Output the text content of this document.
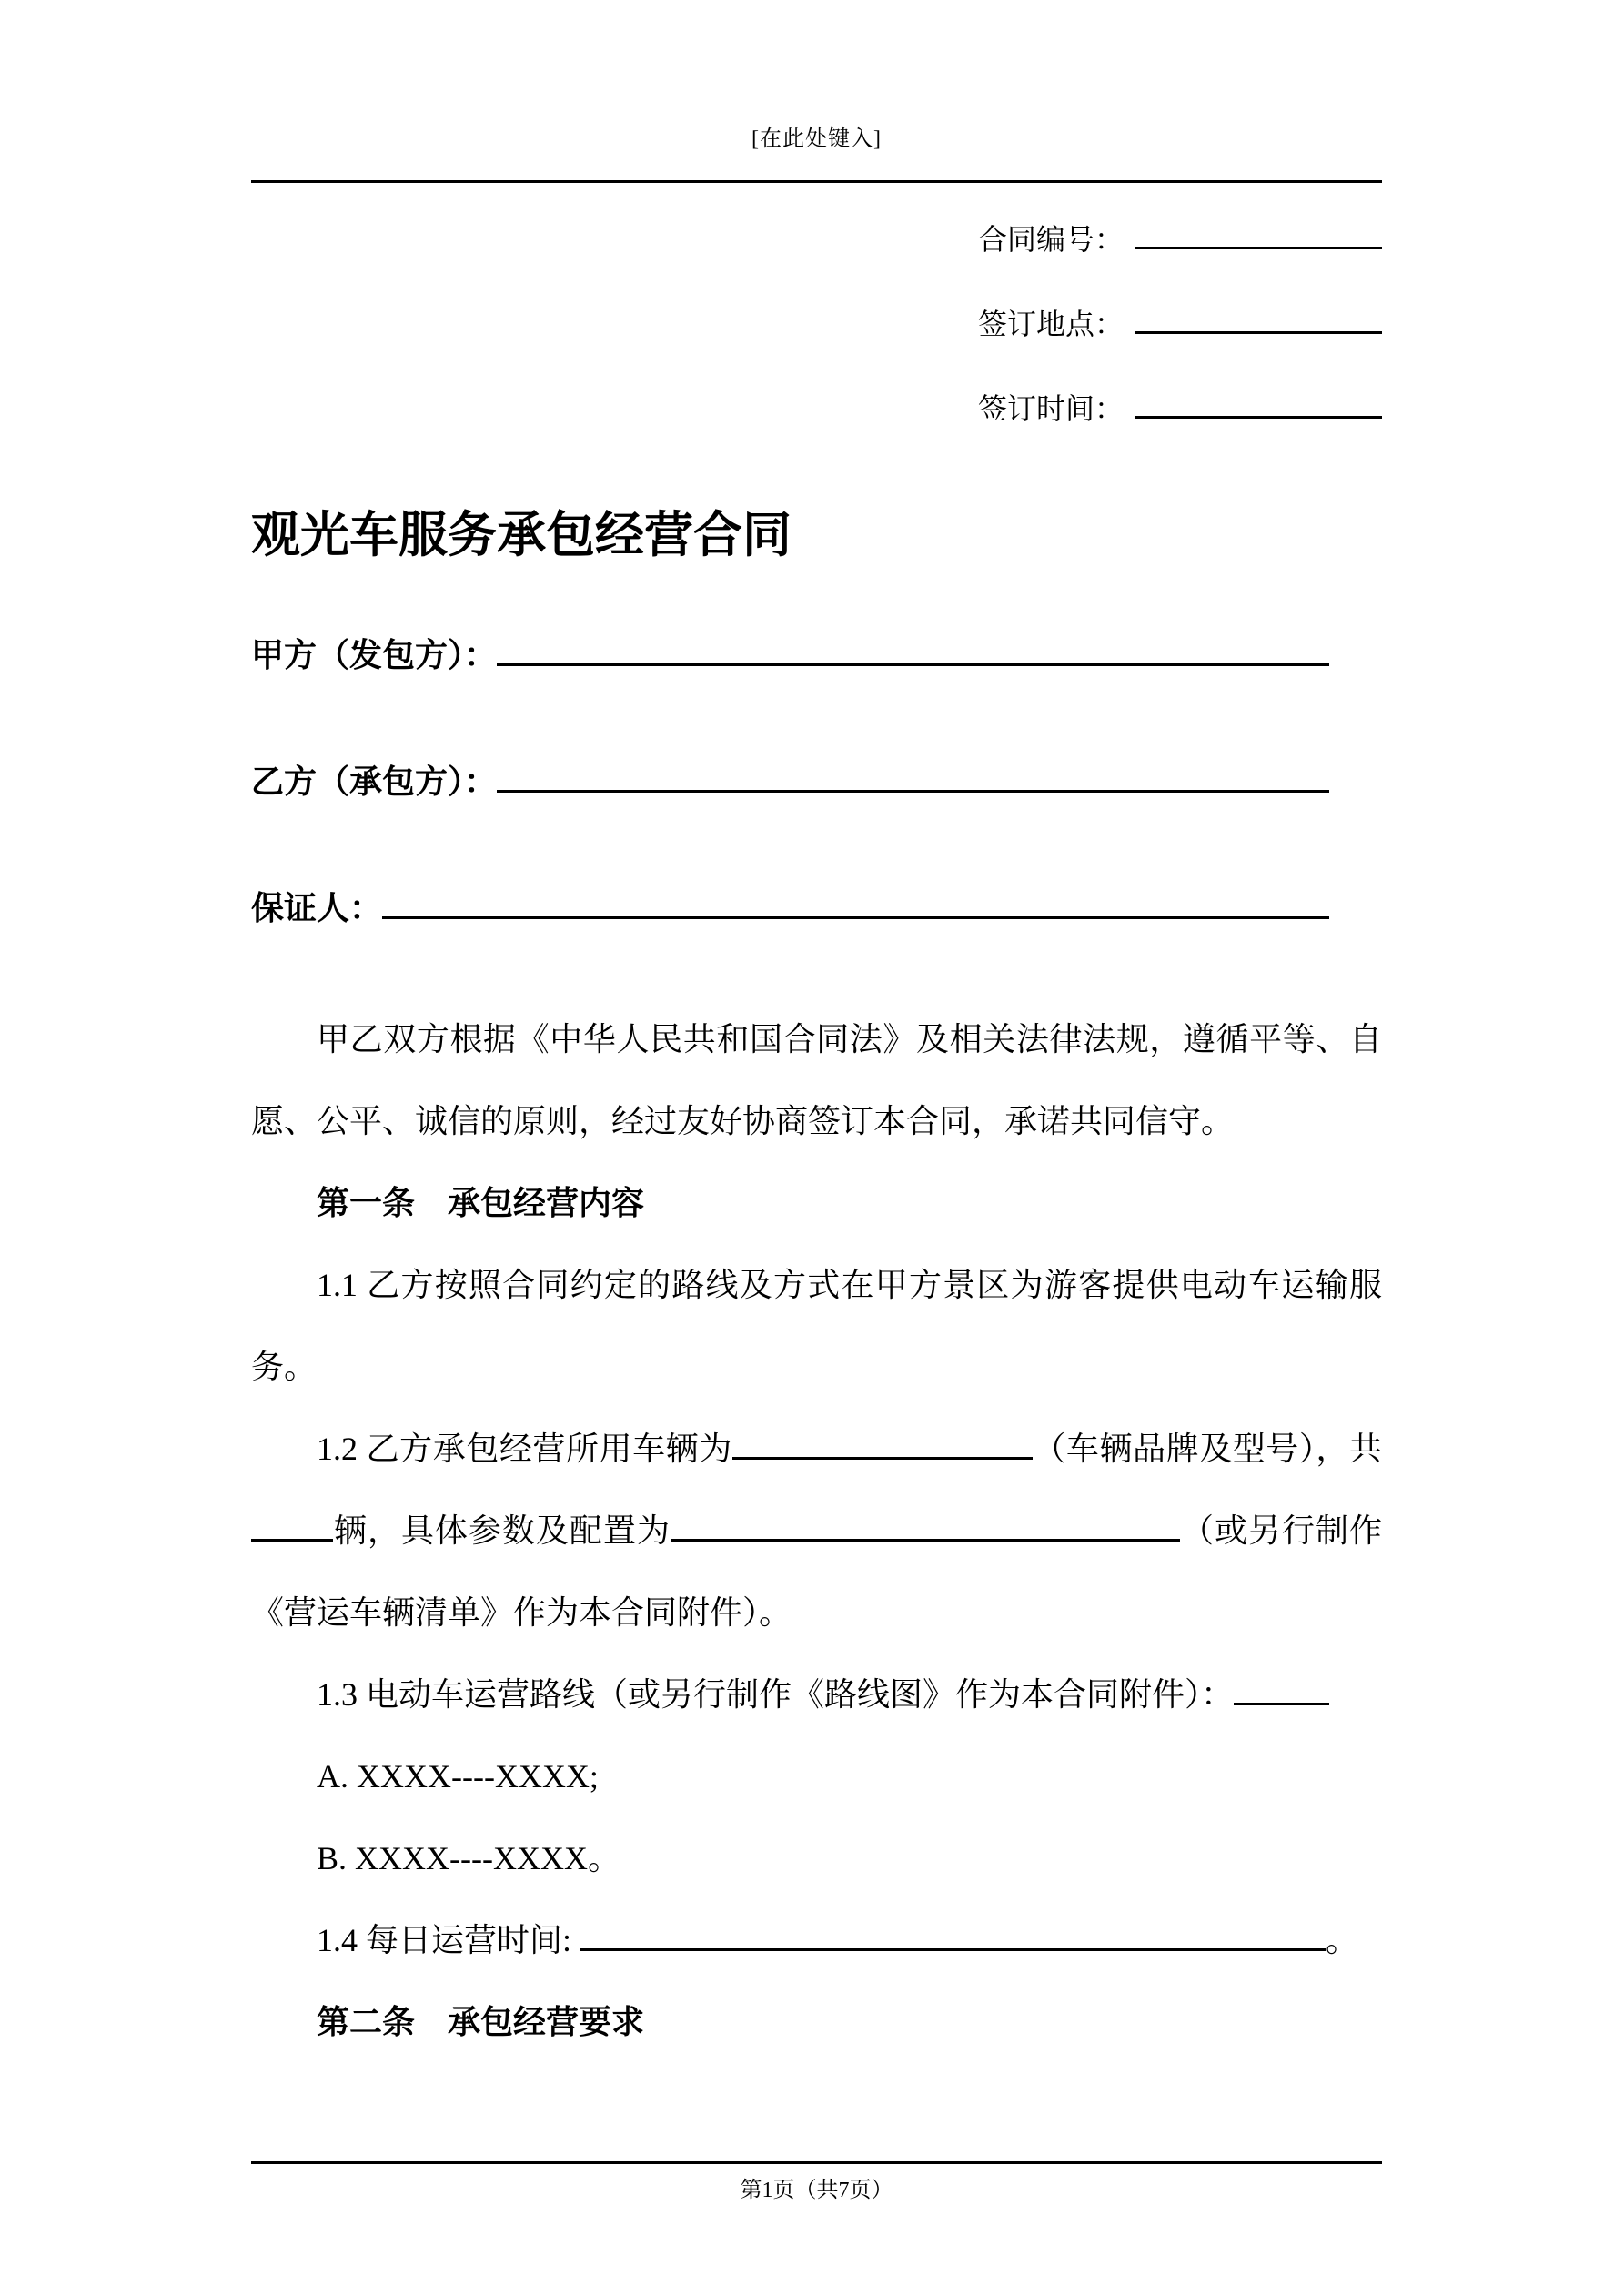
[在此处键入]
合同编号：
签订地点：
签订时间：
观光车服务承包经营合同
甲方（发包方）：
乙方（承包方）：
保证人：

甲乙双方根据《中华人民共和国合同法》及相关法律法规，遵循平等、自愿、公平、诚信的原则，经过友好协商签订本合同，承诺共同信守。

第一条　承包经营内容

1.1 乙方按照合同约定的路线及方式在甲方景区为游客提供电动车运输服务。

1.2 乙方承包经营所用车辆为	（车辆品牌及型号），共辆，具体参数及配置为	（或另行制作《营运车辆清单》作为本合同附件）。

1.3 电动车运营路线（或另行制作《路线图》作为本合同附件）：

A. XXXX----XXXX;

B. XXXX----XXXX。

1.4 每日运营时间:	。

第二条　承包经营要求

第1页（共7页）
